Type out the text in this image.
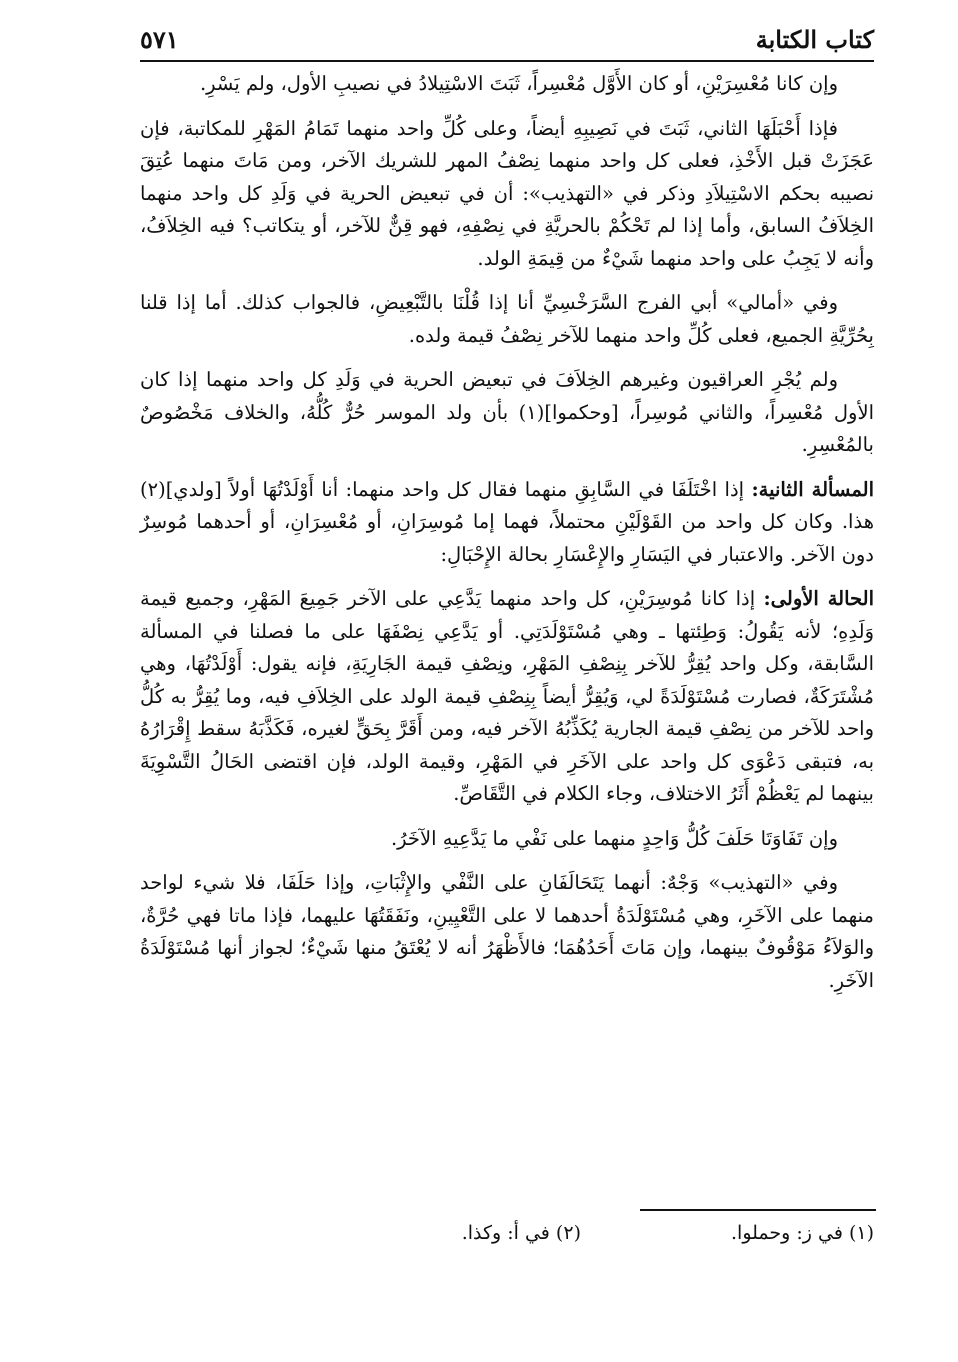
كتاب الكتابة
٥٧١

وإن كانا مُعْسِرَيْنِ، أو كان الأَوَّل مُعْسِراً، ثَبَتَ الاسْتِيلادُ في نصيبِ الأول، ولم يَسْرِ.

فإذا أَحْبَلَهَا الثاني، ثَبَتَ في نَصِيبِهِ أيضاً، وعلى كُلِّ واحد منهما تَمَامُ المَهْرِ للمكاتبة، فإن عَجَزَتْ قبل الأَخْذِ، فعلى كل واحد منهما نِصْفُ المهر للشريك الآخر، ومن مَاتَ منهما عُتِقَ نصيبه بحكم الاسْتِيلاَدِ وذكر في «التهذيب»: أن في تبعيض الحرية في وَلَدِ كل واحد منهما الخِلاَفُ السابق، وأما إذا لم تَحْكُمْ بالحريَّةِ في نِصْفِهِ، فهو قِنٌّ للآخر، أو يتكاتب؟ فيه الخِلاَفُ، وأنه لا يَجِبُ على واحد منهما شَيْءٌ من قِيمَةِ الولد.

وفي «أمالي» أبي الفرج السَّرَخْسِيِّ أنا إذا قُلْنَا بالتَّبْعِيضِ، فالجواب كذلك. أما إذا قلنا بِحُرِّيَّةِ الجميع، فعلى كُلِّ واحد منهما للآخر نِصْفُ قيمة ولده.

ولم يُجْرِ العراقيون وغيرهم الخِلاَفَ في تبعيض الحرية في وَلَدِ كل واحد منهما إذا كان الأول مُعْسِراً، والثاني مُوسِراً، [وحكموا](١) بأن ولد الموسر حُرٌّ كُلُّهُ، والخلاف مَخْصُوصٌ بالمُعْسِرِ.

المسألة الثانية: إذا اخْتَلَفَا في السَّابِقِ منهما فقال كل واحد منهما: أنا أَوْلَدْتُهَا أولاً [ولدي](٢) هذا. وكان كل واحد من القَوْلَيْنِ محتملاً، فهما إما مُوسِرَانِ، أو مُعْسِرَانِ، أو أحدهما مُوسِرٌ دون الآخر. والاعتبار في اليَسَارِ والإِعْسَارِ بحالة الإِحْبَالِ:

الحالة الأولى: إذا كانا مُوسِرَيْنِ، كل واحد منهما يَدَّعِي على الآخر جَمِيعَ المَهْرِ، وجميع قيمة وَلَدِهِ؛ لأنه يَقُولُ: وَطِئتها ـ وهي مُسْتَوْلَدَتِي. أو يَدَّعِي نِصْفَهَا على ما فصلنا في المسألة السَّابقة، وكل واحد يُقِرُّ للآخر بِنِصْفِ المَهْرِ، ونِصْفِ قيمة الجَارِيَةِ، فإنه يقول: أَوْلَدْتُهَا، وهي مُشْتَرَكَةٌ، فصارت مُسْتَوْلَدَةً لي، وَيُقِرُّ أيضاً بِنِصْفِ قيمة الولد على الخِلاَفِ فيه، وما يُقِرُّ به كُلُّ واحد للآخر من نِصْفِ قيمة الجارية يُكَذِّبُهُ الآخر فيه، ومن أَقَرَّ بِحَقٍّ لغيره، فَكَذَّبَهُ سقط إِقْرَارُهُ به، فتبقى دَعْوَى كل واحد على الآخَرِ في المَهْرِ، وقيمة الولد، فإن اقتضى الحَالُ التَّسْوِيَةَ بينهما لم يَعْظُمْ أَثَرُ الاختلاف، وجاء الكلام في التَّقَاصِّ.

وإن تَفَاوَتَا حَلَفَ كُلُّ وَاحِدٍ منهما على نَفْي ما يَدَّعِيهِ الآخَرُ.

وفي «التهذيب» وَجْهٌ: أنهما يَتَحَالَفَانِ على النَّفْي والإِثْبَاتِ، وإذا حَلَفَا، فلا شيء لواحد منهما على الآخَرِ، وهي مُسْتَوْلَدَةُ أحدهما لا على التَّعْيِينِ، ونَفَقَتُهَا عليهما، فإذا ماتا فهي حُرَّةٌ، والوَلاَءُ مَوْقُوفٌ بينهما، وإن مَاتَ أَحَدُهُمَا؛ فالأَظْهَرُ أنه لا يُعْتَقُ منها شَيْءٌ؛ لجواز أنها مُسْتَوْلَدَةُ الآخَرِ.

(١) في ز: وحملوا.
(٢) في أ: وكذا.
